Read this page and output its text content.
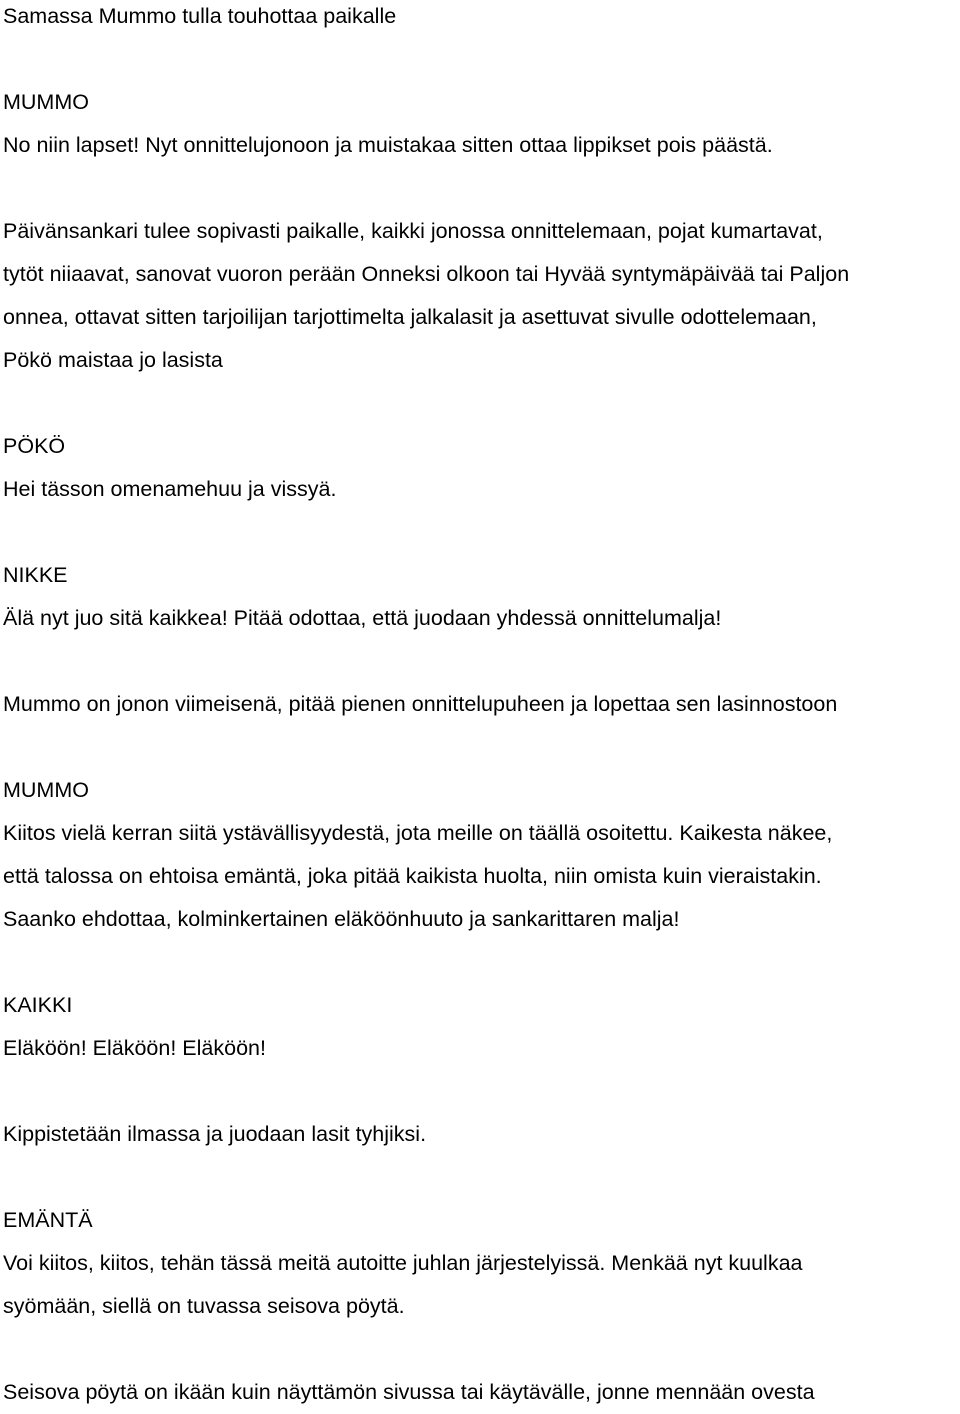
Samassa Mummo tulla touhottaa paikalle
MUMMO
No niin lapset! Nyt onnittelujonoon ja muistakaa sitten ottaa lippikset pois päästä.
Päivänsankari tulee sopivasti paikalle, kaikki jonossa onnittelemaan, pojat kumartavat,
tytöt niiaavat, sanovat vuoron perään Onneksi olkoon tai Hyvää syntymäpäivää tai Paljon
onnea, ottavat sitten tarjoilijan tarjottimelta jalkalasit ja asettuvat sivulle odottelemaan,
Pökö maistaa jo lasista
PÖKÖ
Hei tässon omenamehuu ja vissyä.
NIKKE
Älä nyt juo sitä kaikkea! Pitää odottaa, että juodaan yhdessä onnittelumalja!
Mummo on jonon viimeisenä, pitää pienen onnittelupuheen ja lopettaa sen lasinnostoon
MUMMO
Kiitos vielä kerran siitä ystävällisyydestä, jota meille on täällä osoitettu. Kaikesta näkee,
että talossa on ehtoisa emäntä, joka pitää kaikista huolta, niin omista kuin vieraistakin.
Saanko ehdottaa, kolminkertainen eläköönhuuto ja sankarittaren malja!
KAIKKI
Eläköön! Eläköön! Eläköön!
Kippistetään ilmassa ja juodaan lasit tyhjiksi.
EMÄNTÄ
Voi kiitos, kiitos, tehän tässä meitä autoitte juhlan järjestelyissä. Menkää nyt kuulkaa
syömään, siellä on tuvassa seisova pöytä.
Seisova pöytä on ikään kuin näyttämön sivussa tai käytävälle, jonne mennään ovesta
